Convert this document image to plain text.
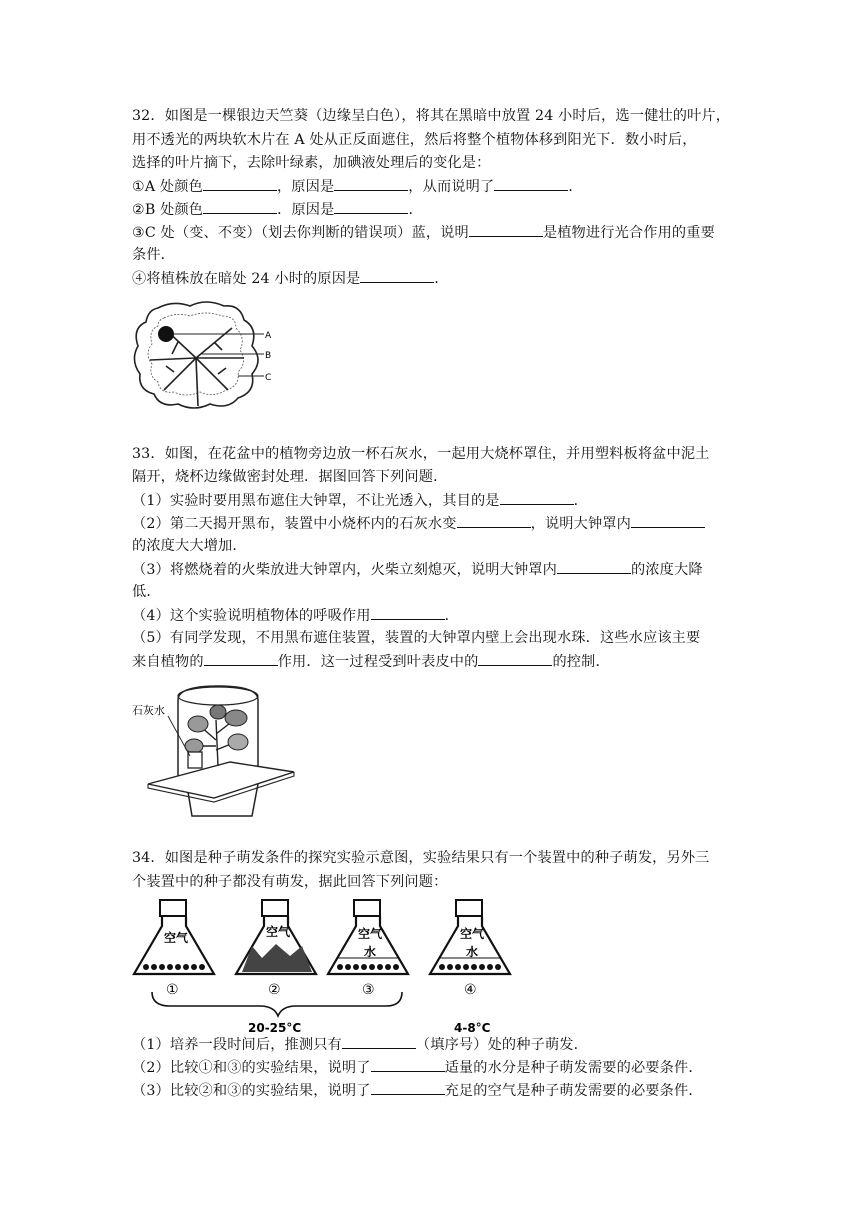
32．如图是一棵银边天竺葵（边缘呈白色），将其在黑暗中放置 24 小时后，选一健壮的叶片，
用不透光的两块软木片在 A 处从正反面遮住，然后将整个植物体移到阳光下．数小时后，
选择的叶片摘下，去除叶绿素，加碘液处理后的变化是：
①A 处颜色	，原因是	，从而说明了	．
②B 处颜色	．原因是	．
③C 处（变、不变）（划去你判断的错误项）蓝，说明	是植物进行光合作用的重要
条件．
④将植株放在暗处 24 小时的原因是	．
A
B
C
33．如图，在花盆中的植物旁边放一杯石灰水，一起用大烧杯罩住，并用塑料板将盆中泥土
隔开，烧杯边缘做密封处理．据图回答下列问题．
（1）实验时要用黑布遮住大钟罩，不让光透入，其目的是	．
（2）第二天揭开黑布，装置中小烧杯内的石灰水变	，说明大钟罩内
的浓度大大增加．
（3）将燃烧着的火柴放进大钟罩内，火柴立刻熄灭，说明大钟罩内	的浓度大降
低．
（4）这个实验说明植物体的呼吸作用	．
（5）有同学发现，不用黑布遮住装置，装置的大钟罩内壁上会出现水珠．这些水应该主要
来自植物的	作用．这一过程受到叶表皮中的	的控制．
石灰水
34．如图是种子萌发条件的探究实验示意图，实验结果只有一个装置中的种子萌发，另外三
个装置中的种子都没有萌发，据此回答下列问题：
空气	空气	空气
水
空气
水
①	②	③	④
20-25°C	4-8°C
（1）培养一段时间后，推测只有	（填序号）处的种子萌发．
（2）比较①和③的实验结果，说明了	适量的水分是种子萌发需要的必要条件．
（3）比较②和③的实验结果，说明了	充足的空气是种子萌发需要的必要条件．
